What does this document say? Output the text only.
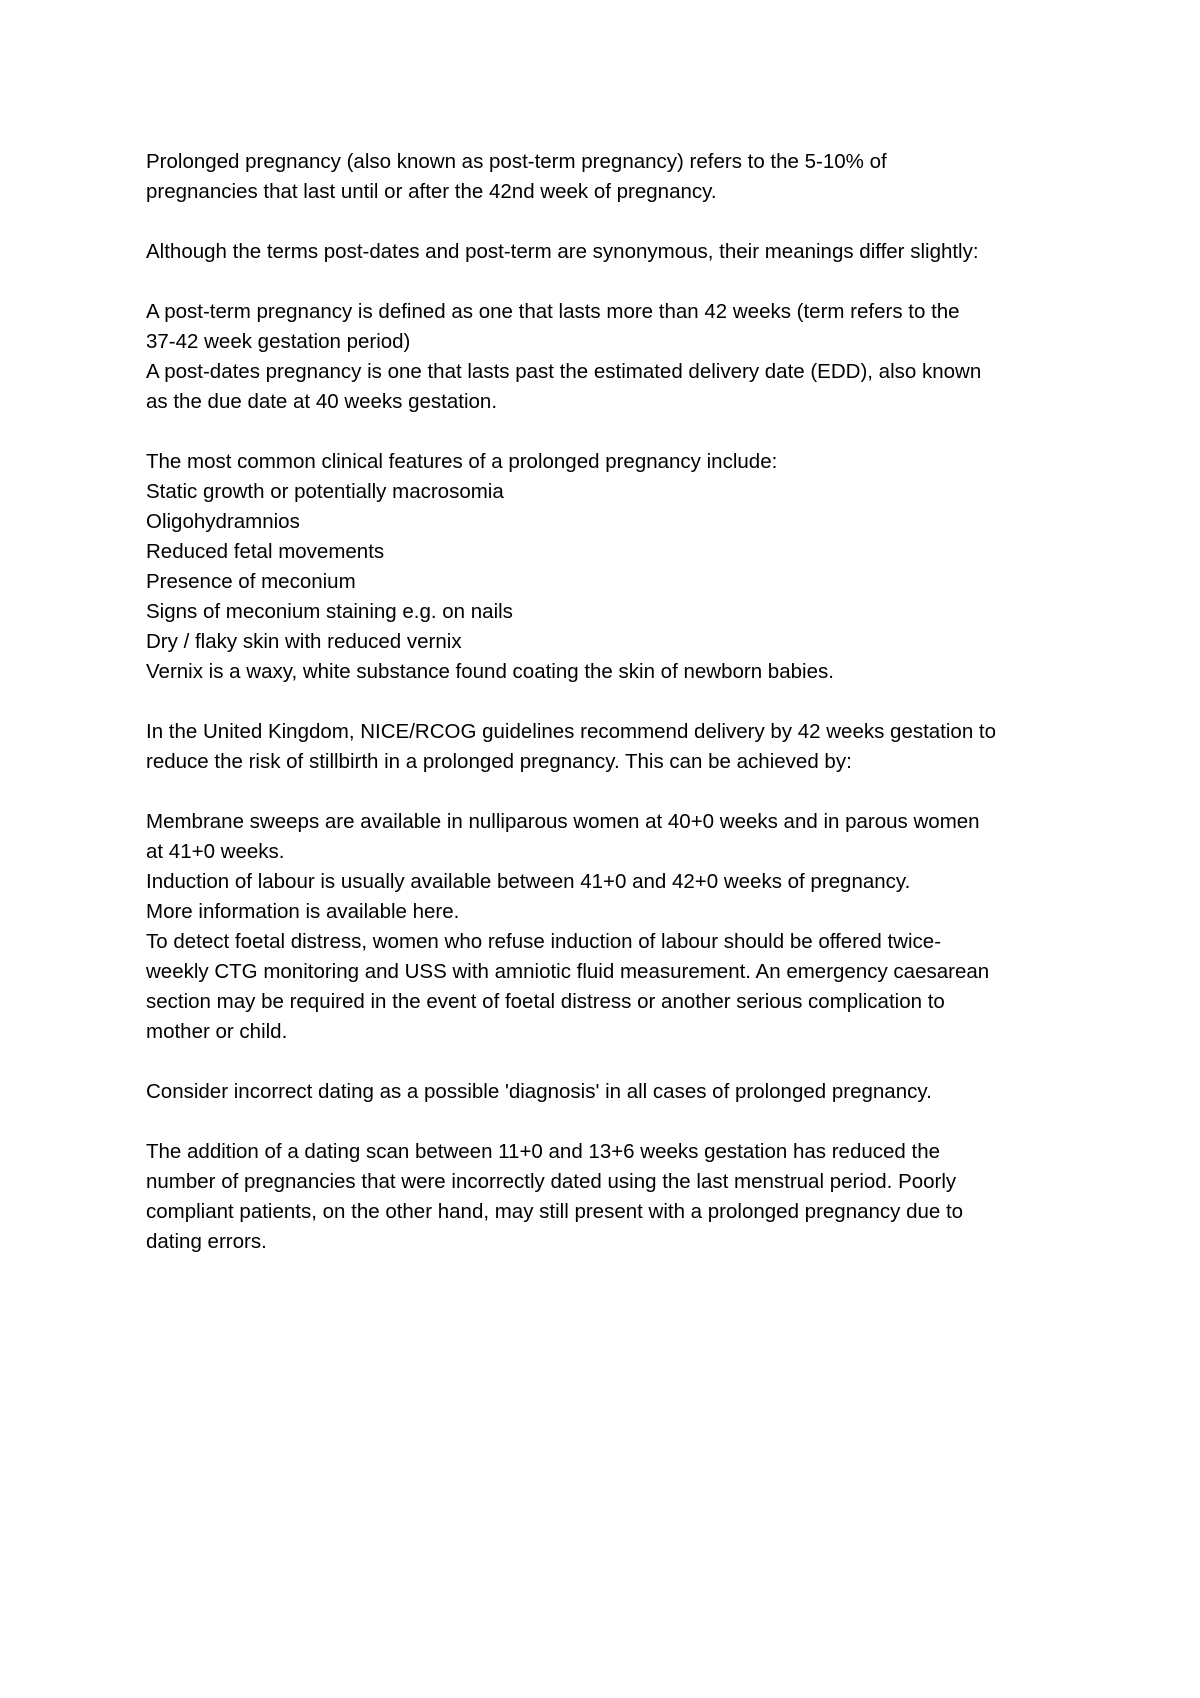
Prolonged pregnancy (also known as post-term pregnancy) refers to the 5-10% of
pregnancies that last until or after the 42nd week of pregnancy.
Although the terms post-dates and post-term are synonymous, their meanings differ slightly:
A post-term pregnancy is defined as one that lasts more than 42 weeks (term refers to the
37-42 week gestation period)
A post-dates pregnancy is one that lasts past the estimated delivery date (EDD), also known
as the due date at 40 weeks gestation.
The most common clinical features of a prolonged pregnancy include:
Static growth or potentially macrosomia
Oligohydramnios
Reduced fetal movements
Presence of meconium
Signs of meconium staining e.g. on nails
Dry / flaky skin with reduced vernix
Vernix is a waxy, white substance found coating the skin of newborn babies.
In the United Kingdom, NICE/RCOG guidelines recommend delivery by 42 weeks gestation to
reduce the risk of stillbirth in a prolonged pregnancy. This can be achieved by:
Membrane sweeps are available in nulliparous women at 40+0 weeks and in parous women
at 41+0 weeks.
Induction of labour is usually available between 41+0 and 42+0 weeks of pregnancy.
More information is available here.
To detect foetal distress, women who refuse induction of labour should be offered twice-
weekly CTG monitoring and USS with amniotic fluid measurement. An emergency caesarean
section may be required in the event of foetal distress or another serious complication to
mother or child.
Consider incorrect dating as a possible 'diagnosis' in all cases of prolonged pregnancy.
The addition of a dating scan between 11+0 and 13+6 weeks gestation has reduced the
number of pregnancies that were incorrectly dated using the last menstrual period. Poorly
compliant patients, on the other hand, may still present with a prolonged pregnancy due to
dating errors.
